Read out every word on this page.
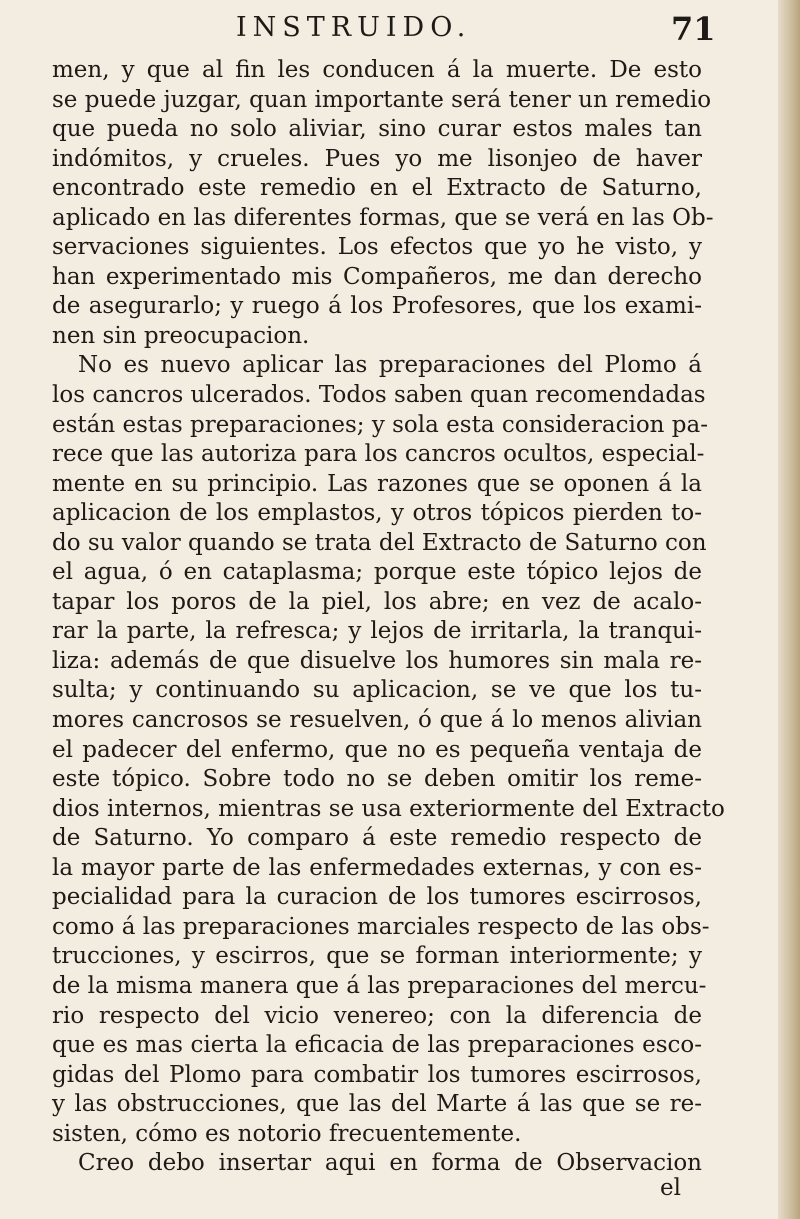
INSTRUIDO.	71
men, y que al fin les conducen á la muerte. De esto
se puede juzgar, quan importante será tener un remedio
que pueda no solo aliviar, sino curar estos males tan
indómitos, y crueles. Pues yo me lisonjeo de haver
encontrado este remedio en el Extracto de Saturno,
aplicado en las diferentes formas, que se verá en las Ob-
servaciones siguientes. Los efectos que yo he visto, y
han experimentado mis Compañeros, me dan derecho
de asegurarlo; y ruego á los Profesores, que los exami-
nen sin preocupacion.
No es nuevo aplicar las preparaciones del Plomo á
los cancros ulcerados. Todos saben quan recomendadas
están estas preparaciones; y sola esta consideracion pa-
rece que las autoriza para los cancros ocultos, especial-
mente en su principio. Las razones que se oponen á la
aplicacion de los emplastos, y otros tópicos pierden to-
do su valor quando se trata del Extracto de Saturno con
el agua, ó en cataplasma; porque este tópico lejos de
tapar los poros de la piel, los abre; en vez de acalo-
rar la parte, la refresca; y lejos de irritarla, la tranqui-
liza: además de que disuelve los humores sin mala re-
sulta; y continuando su aplicacion, se ve que los tu-
mores cancrosos se resuelven, ó que á lo menos alivian
el padecer del enfermo, que no es pequeña ventaja de
este tópico. Sobre todo no se deben omitir los reme-
dios internos, mientras se usa exteriormente del Extracto
de Saturno. Yo comparo á este remedio respecto de
la mayor parte de las enfermedades externas, y con es-
pecialidad para la curacion de los tumores escirrosos,
como á las preparaciones marciales respecto de las obs-
trucciones, y escirros, que se forman interiormente; y
de la misma manera que á las preparaciones del mercu-
rio respecto del vicio venereo; con la diferencia de
que es mas cierta la eficacia de las preparaciones esco-
gidas del Plomo para combatir los tumores escirrosos,
y las obstrucciones, que las del Marte á las que se re-
sisten, cómo es notorio frecuentemente.
Creo debo insertar aqui en forma de Observacion
el
